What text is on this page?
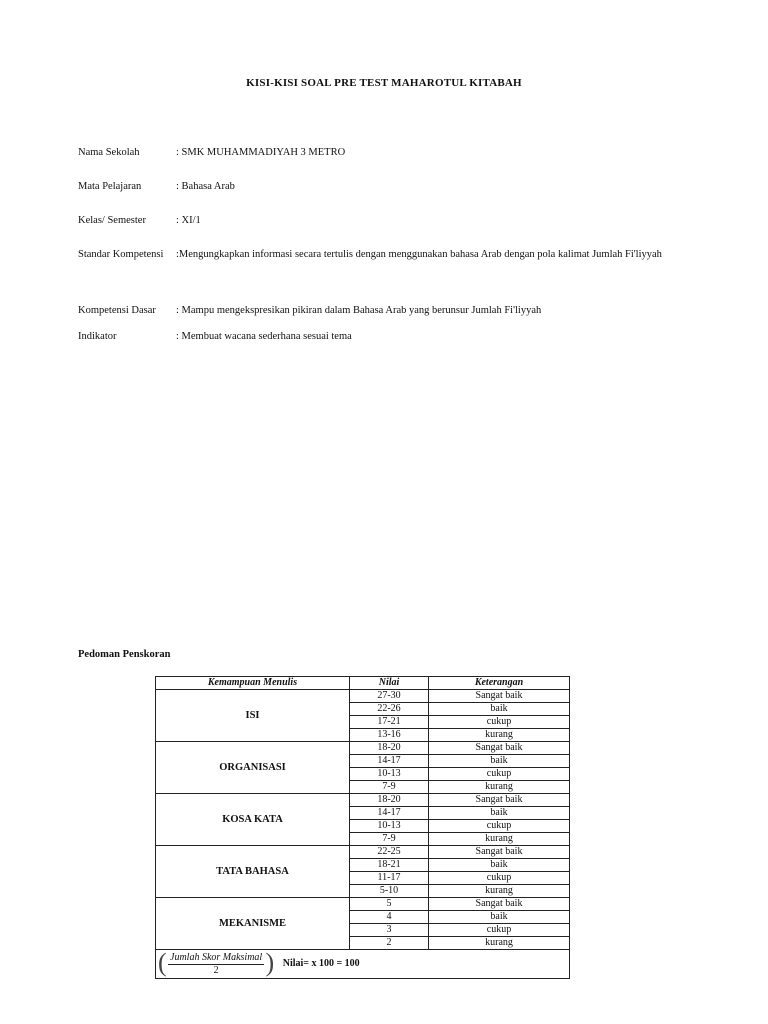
KISI-KISI SOAL PRE TEST MAHAROTUL KITABAH
Nama Sekolah	: SMK MUHAMMADIYAH 3 METRO
Mata Pelajaran	: Bahasa Arab
Kelas/ Semester	: XI/1
Standar Kompetensi	:Mengungkapkan informasi secara tertulis dengan menggunakan bahasa Arab dengan pola kalimat Jumlah Fi'liyyah
Kompetensi Dasar	: Mampu mengekspresikan pikiran dalam Bahasa Arab yang berunsur Jumlah Fi'liyyah
Indikator	: Membuat wacana sederhana sesuai tema
Pedoman Penskoran
Kemampuan Menulis	Nilai	Keterangan
ISI	27-30	Sangat baik
	22-26	baik
	17-21	cukup
	13-16	kurang
ORGANISASI	18-20	Sangat baik
	14-17	baik
	10-13	cukup
	7-9	kurang
KOSA KATA	18-20	Sangat baik
	14-17	baik
	10-13	cukup
	7-9	kurang
TATA BAHASA	22-25	Sangat baik
	18-21	baik
	11-17	cukup
	5-10	kurang
MEKANISME	5	Sangat baik
	4	baik
	3	cukup
	2	kurang

( Jumlah Skor Maksimal
2 ) Nilai= x 100 = 100		
